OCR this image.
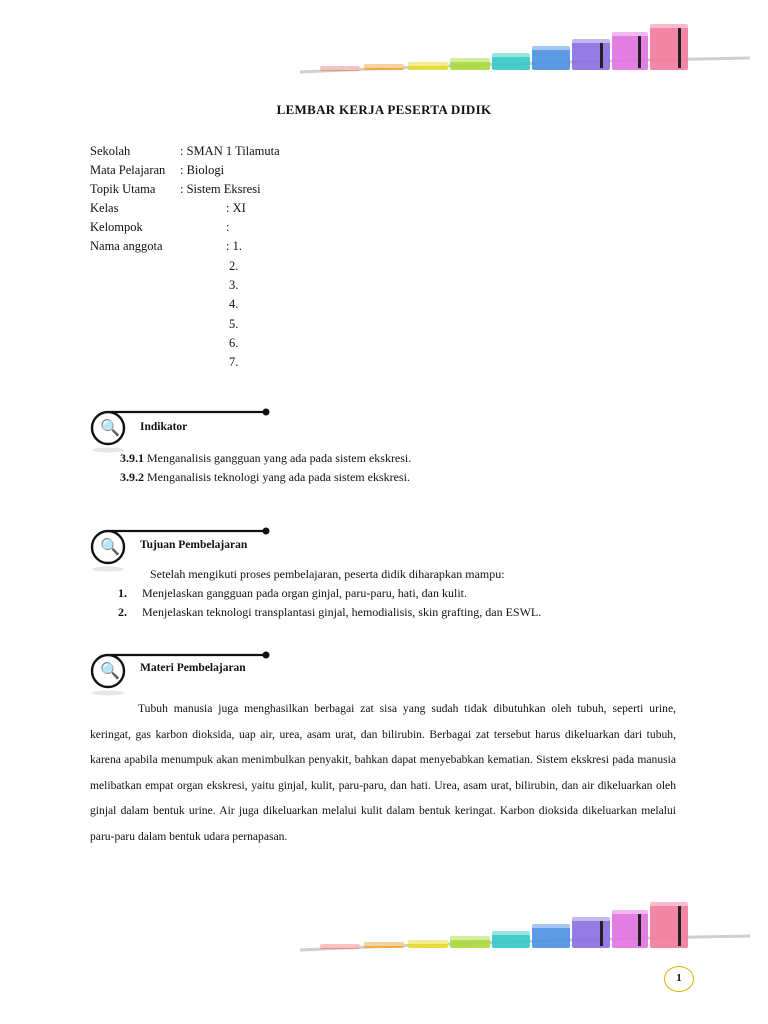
LEMBAR KERJA PESERTA DIDIK
Sekolah	: SMAN 1 Tilamuta
Mata Pelajaran : Biologi
Topik Utama : Sistem Eksresi
Kelas	: XI
Kelompok	:
Nama anggota	: 1.
2.
3.
4.
5.
6.
7.
🔍 Indikator
3.9.1 Menganalisis gangguan yang ada pada sistem ekskresi.
3.9.2 Menganalisis teknologi yang ada pada sistem ekskresi.
🔍 Tujuan Pembelajaran
Setelah mengikuti proses pembelajaran, peserta didik diharapkan mampu:
1. Menjelaskan gangguan pada organ ginjal, paru-paru, hati, dan kulit.
2. Menjelaskan teknologi transplantasi ginjal, hemodialisis, skin grafting, dan ESWL.
🔍 Materi Pembelajaran
Tubuh manusia juga menghasilkan berbagai zat sisa yang sudah tidak dibutuhkan oleh tubuh, seperti urine, keringat, gas karbon dioksida, uap air, urea, asam urat, dan bilirubin. Berbagai zat tersebut harus dikeluarkan dari tubuh, karena apabila menumpuk akan menimbulkan penyakit, bahkan dapat menyebabkan kematian. Sistem ekskresi pada manusia melibatkan empat organ ekskresi, yaitu ginjal, kulit, paru-paru, dan hati. Urea, asam urat, bilirubin, dan air dikeluarkan oleh ginjal dalam bentuk urine. Air juga dikeluarkan melalui kulit dalam bentuk keringat. Karbon dioksida dikeluarkan melalui paru-paru dalam bentuk udara pernapasan.
1
